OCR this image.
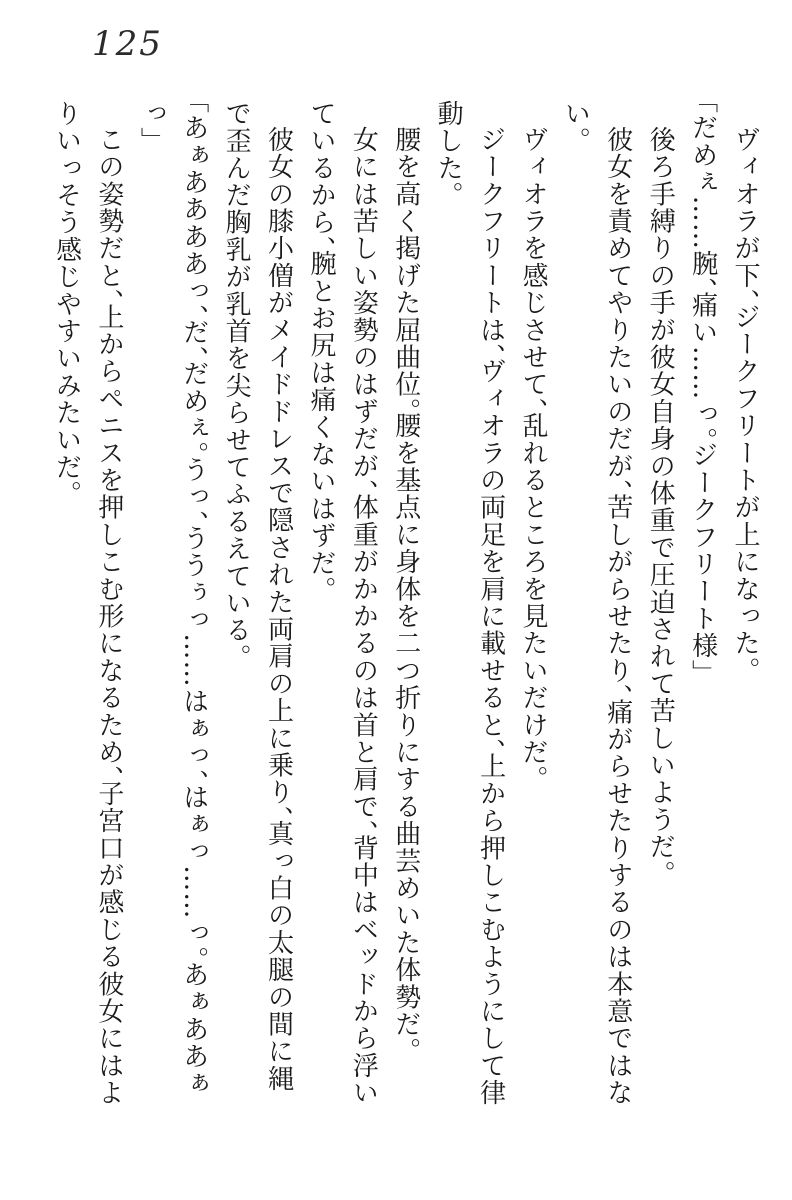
125

ヴィオラが下、ジークフリートが上になった。

「だめぇ……腕、痛い……っ。ジークフリート様」

後ろ手縛りの手が彼女自身の体重で圧迫されて苦しいようだ。

彼女を責めてやりたいのだが、苦しがらせたり、痛がらせたりするのは本意ではない。

ヴィオラを感じさせて、乱れるところを見たいだけだ。

ジークフリートは、ヴィオラの両足を肩に載せると、上から押しこむようにして律動した。

腰を高く掲げた屈曲位。腰を基点に身体を二つ折りにする曲芸めいた体勢だ。

女には苦しい姿勢のはずだが、体重がかかるのは首と肩で、背中はベッドから浮いているから、腕とお尻は痛くないはずだ。

彼女の膝小僧がメイドドレスで隠された両肩の上に乗り、真っ白の太腿の間に縄で歪んだ胸乳が乳首を尖らせてふるえている。

「あぁああああっ、だ、だめぇ。うっ、ううぅっ……はぁっ、はぁっ……っ。あぁああぁっ」

この姿勢だと、上からペニスを押しこむ形になるため、子宮口が感じる彼女にはよりいっそう感じやすいみたいだ。
